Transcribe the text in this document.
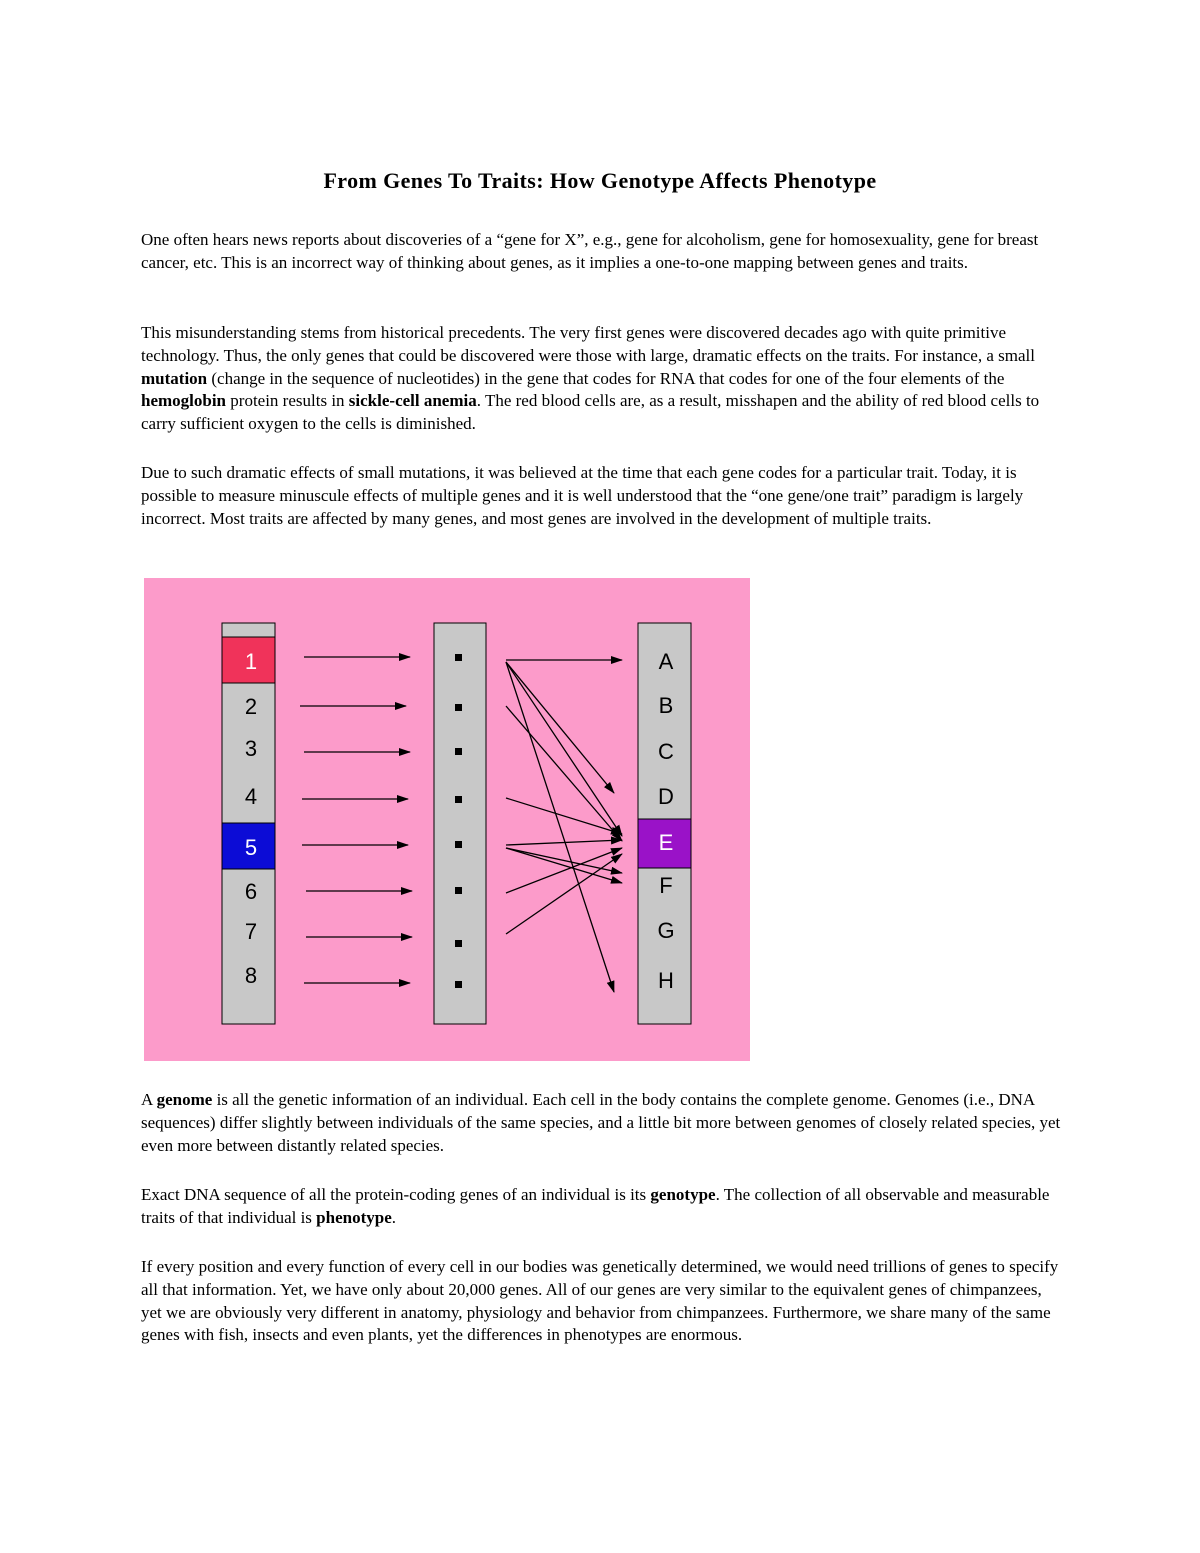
From Genes To Traits: How Genotype Affects Phenotype

One often hears news reports about discoveries of a “gene for X”, e.g., gene for alcoholism, gene for homosexuality, gene for breast cancer, etc. This is an incorrect way of thinking about genes, as it implies a one-to-one mapping between genes and traits.

This misunderstanding stems from historical precedents. The very first genes were discovered decades ago with quite primitive technology. Thus, the only genes that could be discovered were those with large, dramatic effects on the traits. For instance, a small mutation (change in the sequence of nucleotides) in the gene that codes for RNA that codes for one of the four elements of the hemoglobin protein results in sickle-cell anemia. The red blood cells are, as a result, misshapen and the ability of red blood cells to carry sufficient oxygen to the cells is diminished.

Due to such dramatic effects of small mutations, it was believed at the time that each gene codes for a particular trait. Today, it is possible to measure minuscule effects of multiple genes and it is well understood that the “one gene/one trait” paradigm is largely incorrect. Most traits are affected by many genes, and most genes are involved in the development of multiple traits.

1
2
3
4
5
6
7
8
A
B
C
D
E
F
G
H

A genome is all the genetic information of an individual. Each cell in the body contains the complete genome. Genomes (i.e., DNA sequences) differ slightly between individuals of the same species, and a little bit more between genomes of closely related species, yet even more between distantly related species.

Exact DNA sequence of all the protein-coding genes of an individual is its genotype. The collection of all observable and measurable traits of that individual is phenotype.

If every position and every function of every cell in our bodies was genetically determined, we would need trillions of genes to specify all that information. Yet, we have only about 20,000 genes. All of our genes are very similar to the equivalent genes of chimpanzees, yet we are obviously very different in anatomy, physiology and behavior from chimpanzees. Furthermore, we share many of the same genes with fish, insects and even plants, yet the differences in phenotypes are enormous.
